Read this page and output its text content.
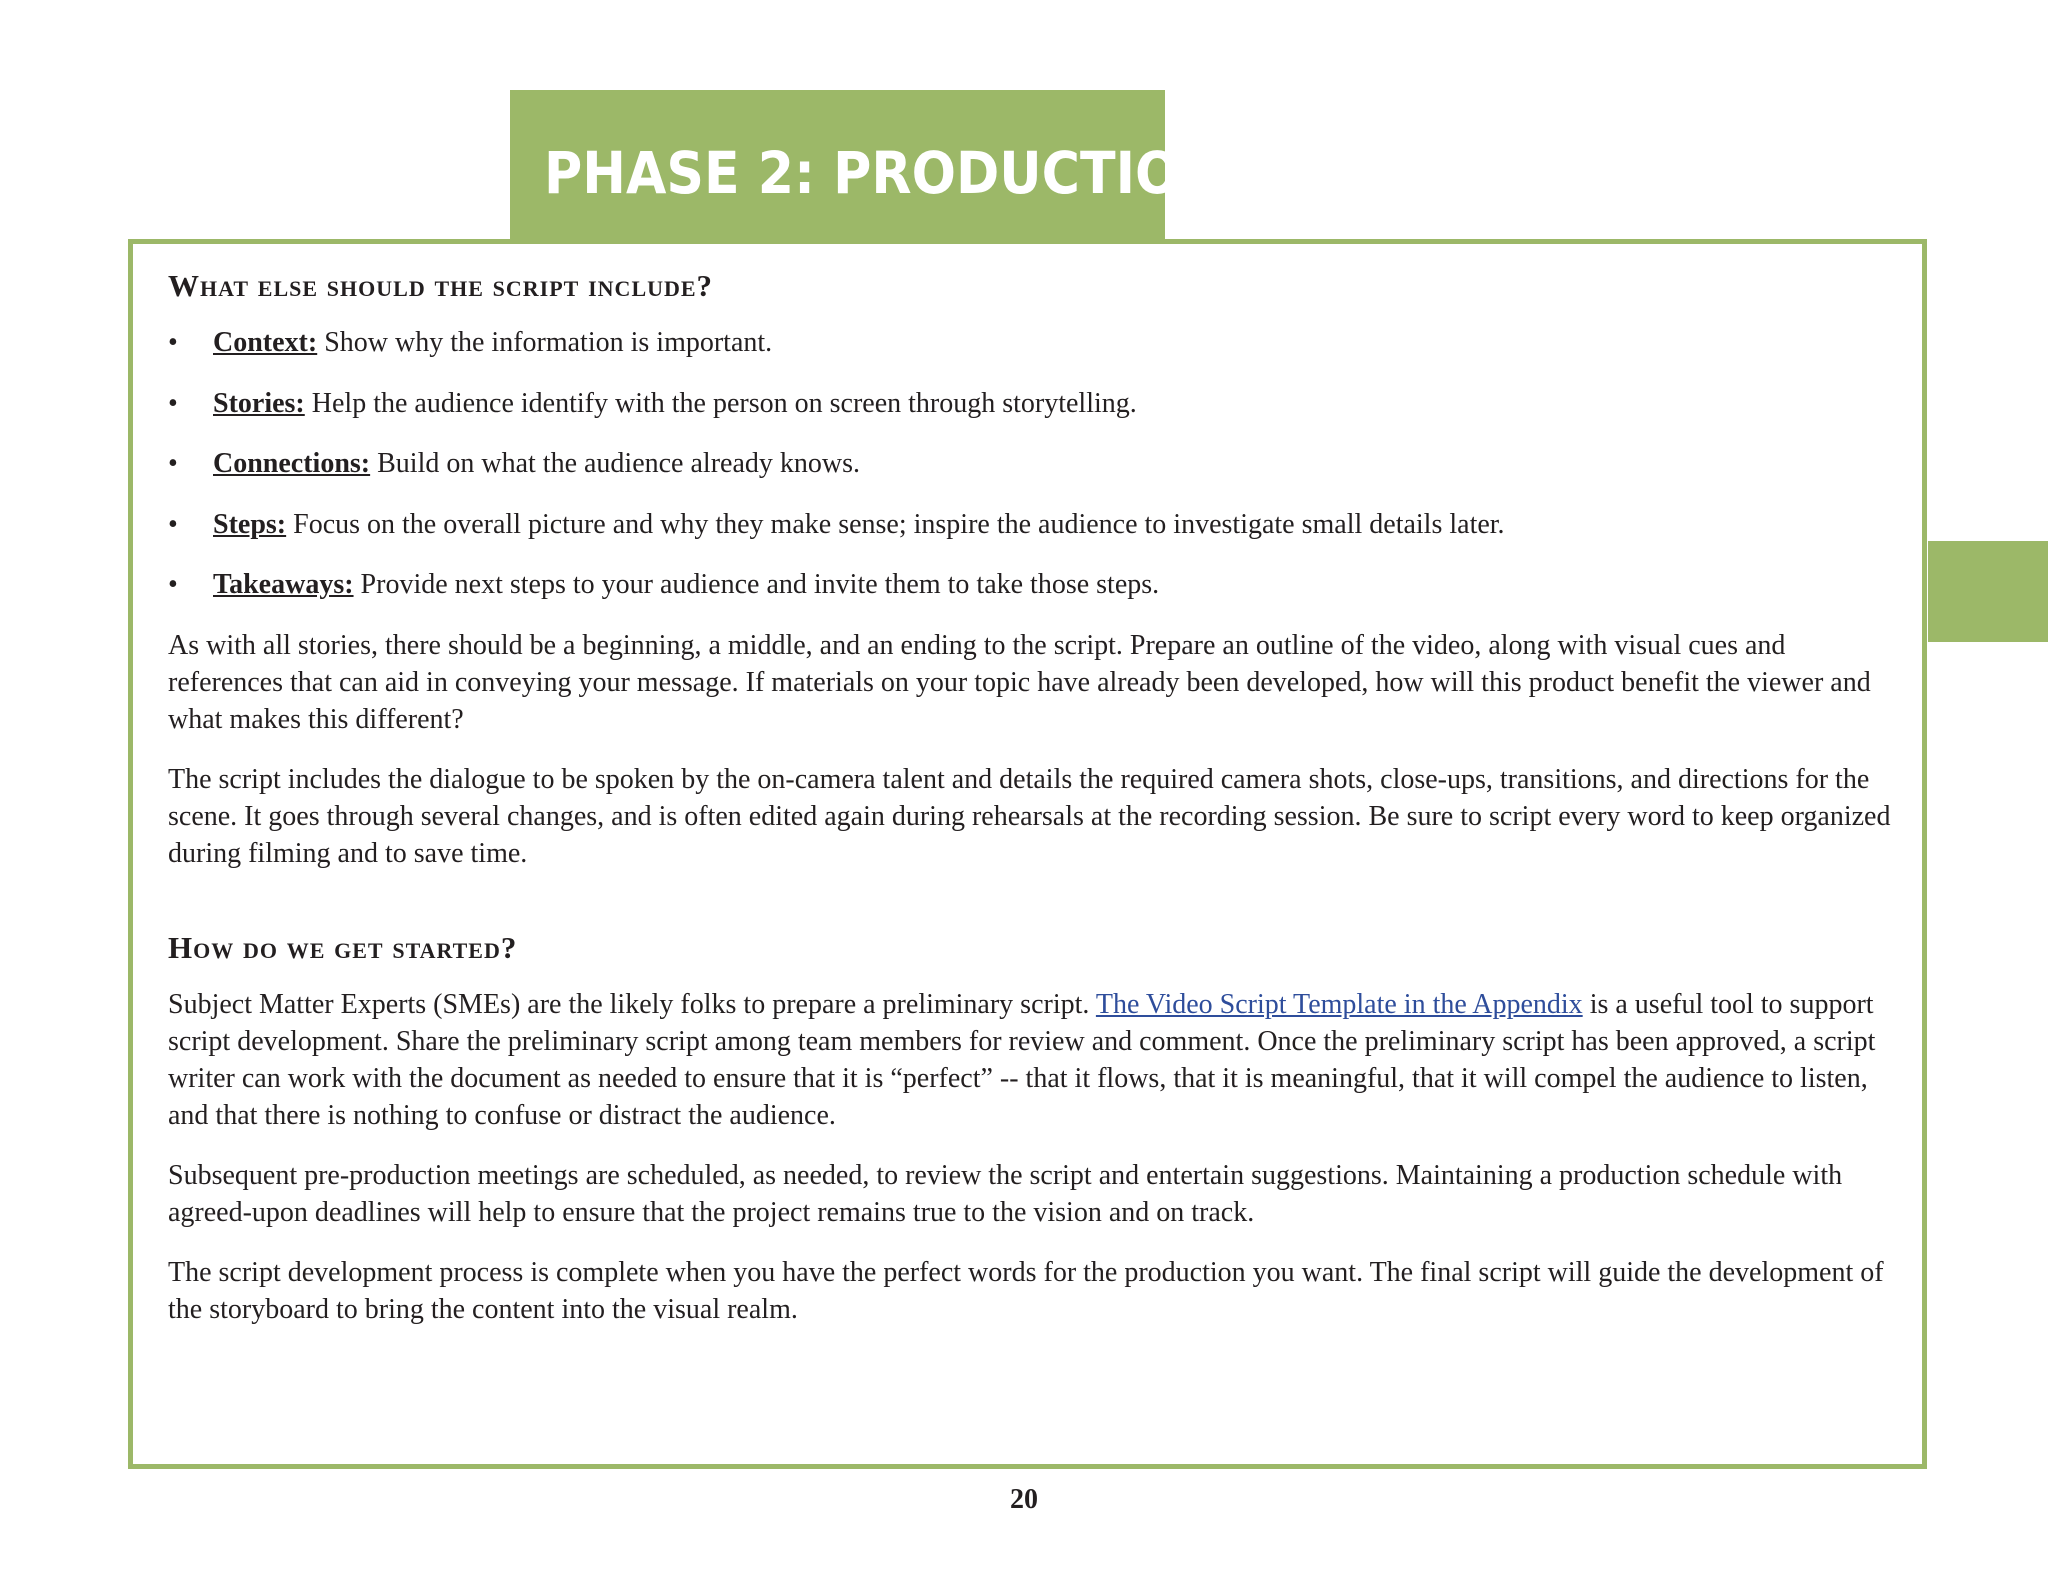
PHASE 2: PRODUCTION
What else should the script include?
• Context: Show why the information is important.
• Stories: Help the audience identify with the person on screen through storytelling.
• Connections: Build on what the audience already knows.
• Steps: Focus on the overall picture and why they make sense; inspire the audience to investigate small details later.
• Takeaways: Provide next steps to your audience and invite them to take those steps.

As with all stories, there should be a beginning, a middle, and an ending to the script. Prepare an outline of the video, along with visual cues and references that can aid in conveying your message. If materials on your topic have already been developed, how will this product benefit the viewer and what makes this different?

The script includes the dialogue to be spoken by the on-camera talent and details the required camera shots, close-ups, transitions, and directions for the scene. It goes through several changes, and is often edited again during rehearsals at the recording session. Be sure to script every word to keep organized during filming and to save time.

How do we get started?

Subject Matter Experts (SMEs) are the likely folks to prepare a preliminary script. The Video Script Template in the Appendix is a useful tool to support script development. Share the preliminary script among team members for review and comment. Once the preliminary script has been approved, a script writer can work with the document as needed to ensure that it is “perfect” -- that it flows, that it is meaningful, that it will compel the audience to listen, and that there is nothing to confuse or distract the audience.

Subsequent pre-production meetings are scheduled, as needed, to review the script and entertain suggestions. Maintaining a production schedule with agreed-upon deadlines will help to ensure that the project remains true to the vision and on track.

The script development process is complete when you have the perfect words for the production you want. The final script will guide the development of the storyboard to bring the content into the visual realm.

20
